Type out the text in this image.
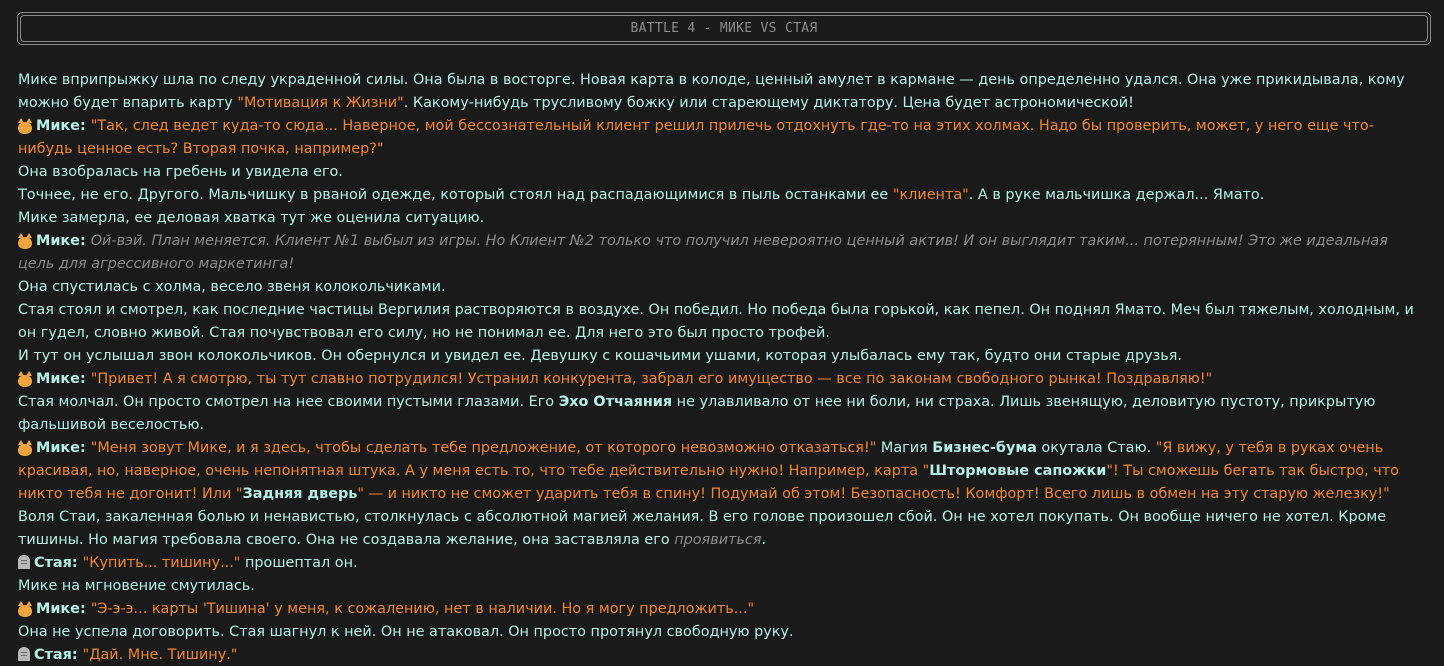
BATTLE 4 - МИКЕ VS СТАЯ

Мике вприпрыжку шла по следу украденной силы. Она была в восторге. Новая карта в колоде, ценный амулет в кармане — день определенно удался. Она уже прикидывала, кому можно будет впарить карту "Мотивация к Жизни". Какому-нибудь трусливому божку или стареющему диктатору. Цена будет астрономической!

Мике: "Так, след ведет куда-то сюда... Наверное, мой бессознательный клиент решил прилечь отдохнуть где-то на этих холмах. Надо бы проверить, может, у него еще что-нибудь ценное есть? Вторая почка, например?"

Она взобралась на гребень и увидела его.

Точнее, не его. Другого. Мальчишку в рваной одежде, который стоял над распадающимися в пыль останками ее "клиента". А в руке мальчишка держал... Ямато.

Мике замерла, ее деловая хватка тут же оценила ситуацию.

Мике: Ой-вэй. План меняется. Клиент №1 выбыл из игры. Но Клиент №2 только что получил невероятно ценный актив! И он выглядит таким... потерянным! Это же идеальная цель для агрессивного маркетинга!

Она спустилась с холма, весело звеня колокольчиками.

Стая стоял и смотрел, как последние частицы Вергилия растворяются в воздухе. Он победил. Но победа была горькой, как пепел. Он поднял Ямато. Меч был тяжелым, холодным, и он гудел, словно живой. Стая почувствовал его силу, но не понимал ее. Для него это был просто трофей.

И тут он услышал звон колокольчиков. Он обернулся и увидел ее. Девушку с кошачьими ушами, которая улыбалась ему так, будто они старые друзья.

Мике: "Привет! А я смотрю, ты тут славно потрудился! Устранил конкурента, забрал его имущество — все по законам свободного рынка! Поздравляю!"

Стая молчал. Он просто смотрел на нее своими пустыми глазами. Его Эхо Отчаяния не улавливало от нее ни боли, ни страха. Лишь звенящую, деловитую пустоту, прикрытую фальшивой веселостью.

Мике: "Меня зовут Мике, и я здесь, чтобы сделать тебе предложение, от которого невозможно отказаться!" Магия Бизнес-бума окутала Стаю. "Я вижу, у тебя в руках очень красивая, но, наверное, очень непонятная штука. А у меня есть то, что тебе действительно нужно! Например, карта "Штормовые сапожки"! Ты сможешь бегать так быстро, что никто тебя не догонит! Или "Задняя дверь" — и никто не сможет ударить тебя в спину! Подумай об этом! Безопасность! Комфорт! Всего лишь в обмен на эту старую железку!"

Воля Стаи, закаленная болью и ненавистью, столкнулась с абсолютной магией желания. В его голове произошел сбой. Он не хотел покупать. Он вообще ничего не хотел. Кроме тишины. Но магия требовала своего. Она не создавала желание, она заставляла его проявиться.

Стая: "Купить... тишину..." прошептал он.

Мике на мгновение смутилась.

Мике: "Э-э-э... карты 'Тишина' у меня, к сожалению, нет в наличии. Но я могу предложить..."

Она не успела договорить. Стая шагнул к ней. Он не атаковал. Он просто протянул свободную руку.

Стая: "Дай. Мне. Тишину."
